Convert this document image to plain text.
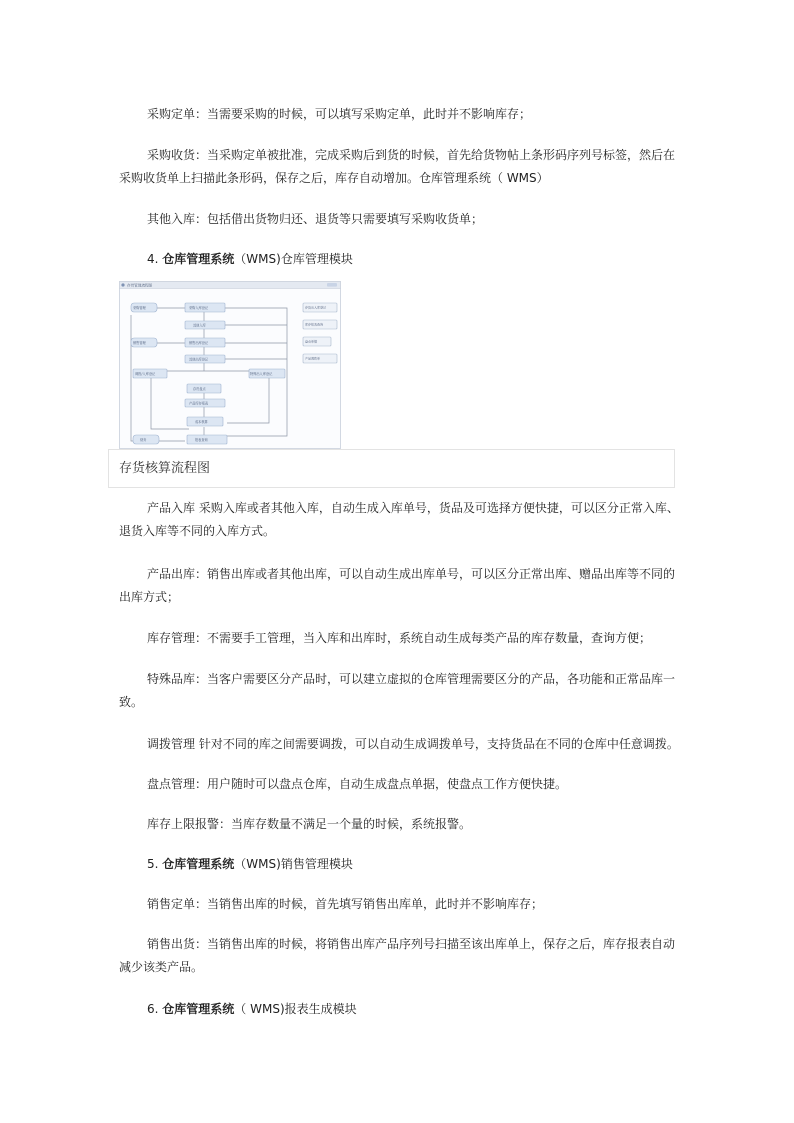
采购定单：当需要采购的时候，可以填写采购定单，此时并不影响库存；

采购收货：当采购定单被批准，完成采购后到货的时候，首先给货物帖上条形码序列号标签，然后在采购收货单上扫描此条形码，保存之后，库存自动增加。仓库管理系统（ WMS）

其他入库：包括借出货物归还、退货等只需要填写采购收货单；

4. 仓库管理系统（WMS)仓库管理模块

存货管理流程图
采购管理	采购入库登记
其他入库
销售管理	销售出库登记
其他出库登记
调拨/入库登记	特殊出入库登记
存货盘点
产品库存报表
成本核算
财务	报表查询
存货出入库登记
库存报表查询
盘点单据
产品调拨单
存货核算流程图

产品入库 采购入库或者其他入库，自动生成入库单号，货品及可选择方便快捷，可以区分正常入库、退货入库等不同的入库方式。

产品出库：销售出库或者其他出库，可以自动生成出库单号，可以区分正常出库、赠品出库等不同的出库方式；

库存管理：不需要手工管理，当入库和出库时，系统自动生成每类产品的库存数量，查询方便；

特殊品库：当客户需要区分产品时，可以建立虚拟的仓库管理需要区分的产品，各功能和正常品库一致。

调拨管理 针对不同的库之间需要调拨，可以自动生成调拨单号，支持货品在不同的仓库中任意调拨。

盘点管理：用户随时可以盘点仓库，自动生成盘点单据，使盘点工作方便快捷。

库存上限报警：当库存数量不满足一个量的时候，系统报警。

5. 仓库管理系统（WMS)销售管理模块

销售定单：当销售出库的时候，首先填写销售出库单，此时并不影响库存；

销售出货：当销售出库的时候，将销售出库产品序列号扫描至该出库单上，保存之后，库存报表自动减少该类产品。

6. 仓库管理系统（ WMS)报表生成模块
